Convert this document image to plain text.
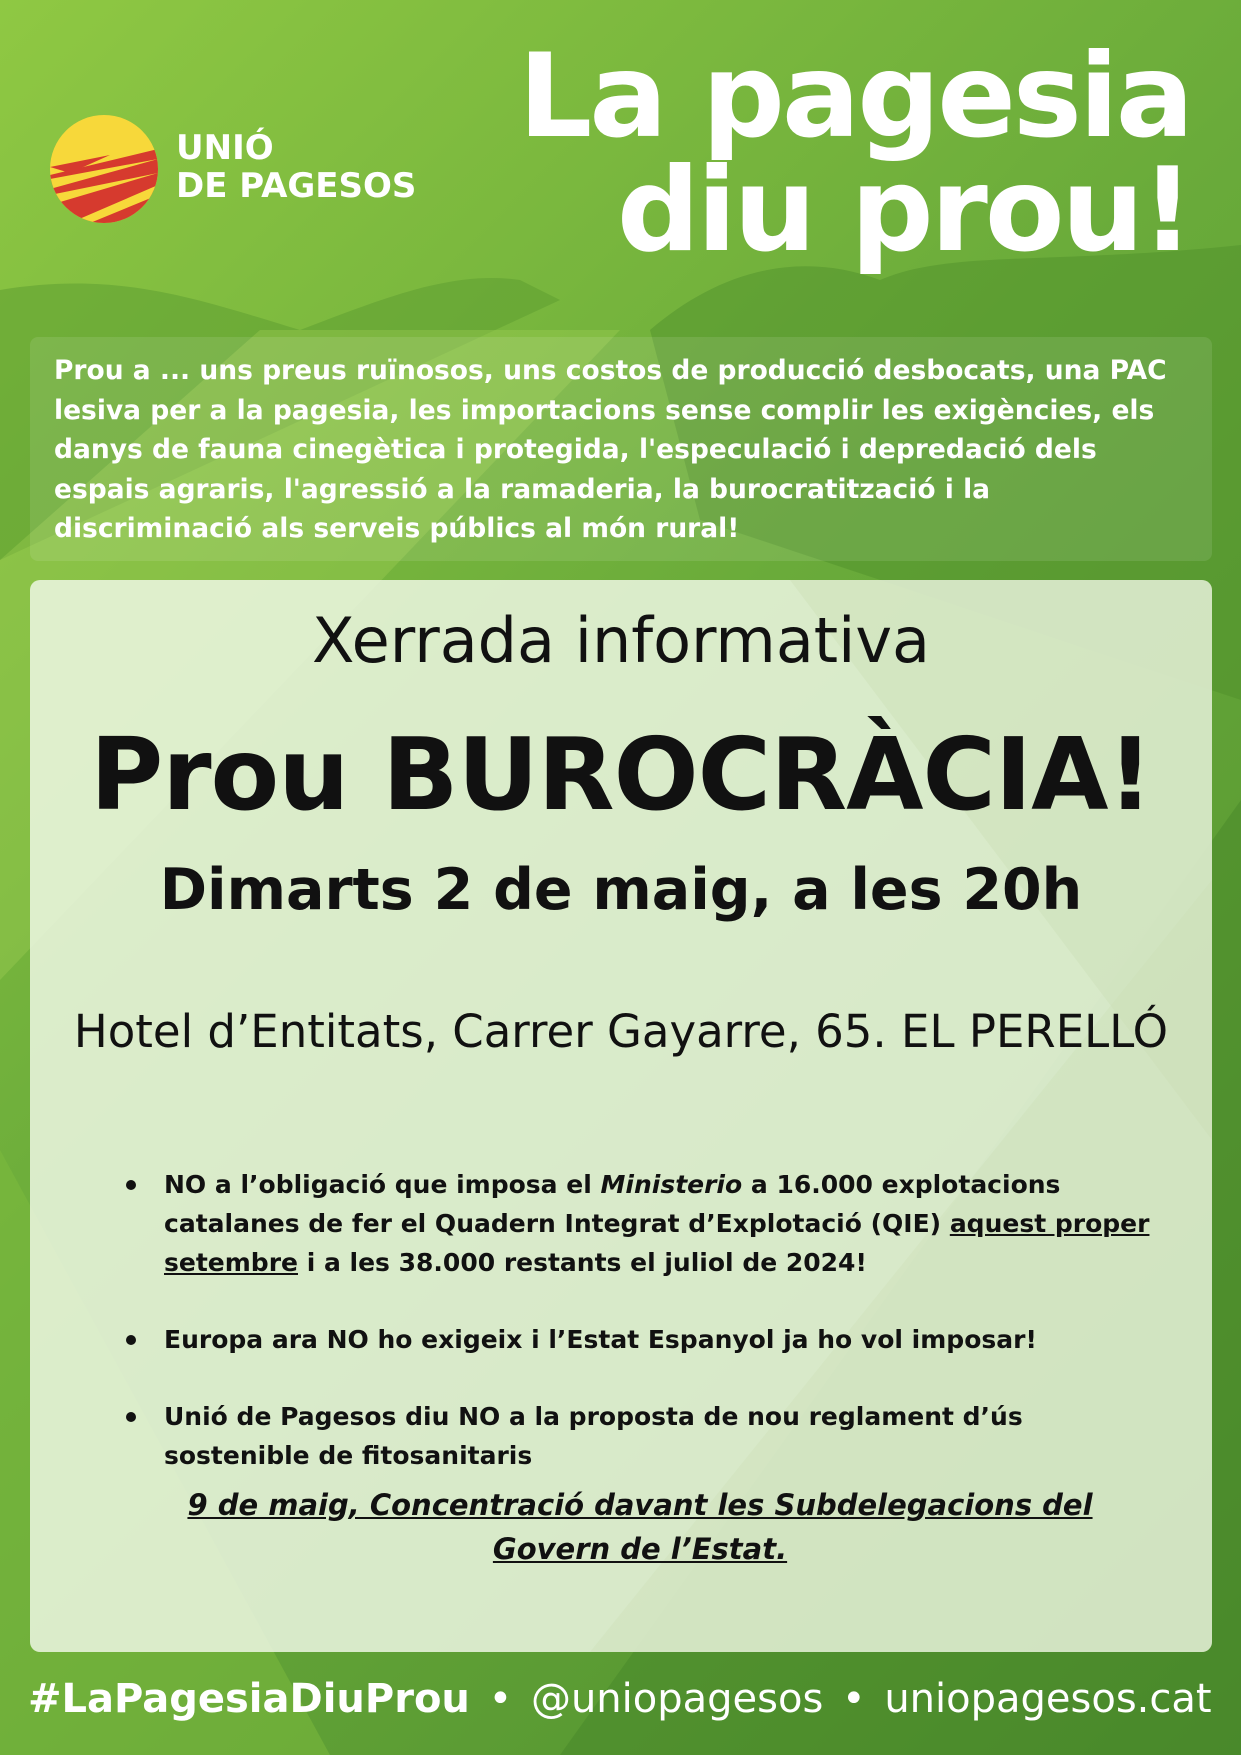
UNIÓ
DE PAGESOS
La pagesia
diu prou!
Prou a ... uns preus ruïnosos, uns costos de producció desbocats, una PAC lesiva per a la pagesia, les importacions sense complir les exigències, els danys de fauna cinegètica i protegida, l'especulació i depredació dels espais agraris, l'agressió a la ramaderia, la burocratització i la discriminació als serveis públics al món rural!
Xerrada informativa
Prou BUROCRÀCIA!
Dimarts 2 de maig, a les 20h
Hotel d’Entitats, Carrer Gayarre, 65. EL PERELLÓ
NO a l’obligació que imposa el Ministerio a 16.000 explotacions catalanes de fer el Quadern Integrat d’Explotació (QIE) aquest proper setembre i a les 38.000 restants el juliol de 2024!
Europa ara NO ho exigeix i l’Estat Espanyol ja ho vol imposar!
Unió de Pagesos diu NO a la proposta de nou reglament d’ús sostenible de fitosanitaris
9 de maig, Concentració davant les Subdelegacions del Govern de l’Estat.
#LaPagesiaDiuProu • @uniopagesos • uniopagesos.cat
